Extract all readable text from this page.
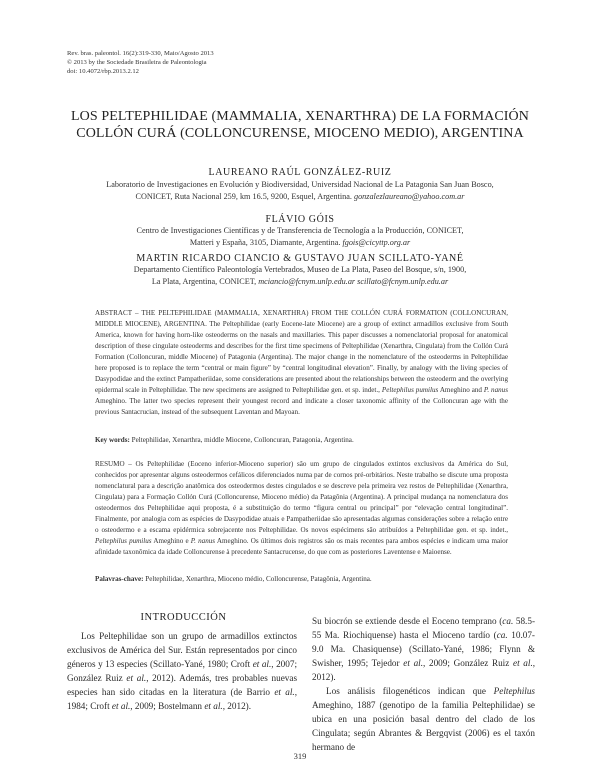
Rev. bras. paleontol. 16(2):319-330, Maio/Agosto 2013
© 2013 by the Sociedade Brasileira de Paleontologia
doi: 10.4072/rbp.2013.2.12
LOS PELTEPHILIDAE (MAMMALIA, XENARTHRA) DE LA FORMACIÓN
COLLÓN CURÁ (COLLONCURENSE, MIOCENO MEDIO), ARGENTINA
LAUREANO RAÚL GONZÁLEZ-RUIZ
Laboratorio de Investigaciones en Evolución y Biodiversidad, Universidad Nacional de La Patagonia San Juan Bosco,
CONICET, Ruta Nacional 259, km 16.5, 9200, Esquel, Argentina. gonzalezlaureano@yahoo.com.ar
FLÁVIO GÓIS
Centro de Investigaciones Científicas y de Transferencia de Tecnología a la Producción, CONICET,
Matteri y España, 3105, Diamante, Argentina. fgois@cicyttp.org.ar
MARTIN RICARDO CIANCIO & GUSTAVO JUAN SCILLATO-YANÉ
Departamento Científico Paleontología Vertebrados, Museo de La Plata, Paseo del Bosque, s/n, 1900,
La Plata, Argentina, CONICET, mciancio@fcnym.unlp.edu.ar scillato@fcnym.unlp.edu.ar

ABSTRACT – THE PELTEPHILIDAE (MAMMALIA, XENARTHRA) FROM THE COLLÓN CURÁ FORMATION (COLLONCURAN, MIDDLE MIOCENE), ARGENTINA. The Peltephilidae (early Eocene-late Miocene) are a group of extinct armadillos exclusive from South America, known for having horn-like osteoderms on the nasals and maxillaries. This paper discusses a nomenclatorial proposal for anatomical description of these cingulate osteoderms and describes for the first time specimens of Peltephilidae (Xenarthra, Cingulata) from the Collón Curá Formation (Colloncuran, middle Miocene) of Patagonia (Argentina). The major change in the nomenclature of the osteoderms in Peltephilidae here proposed is to replace the term “central or main figure” by “central longitudinal elevation”. Finally, by analogy with the living species of Dasypodidae and the extinct Pampatheriidae, some considerations are presented about the relationships between the osteoderm and the overlying epidermal scale in Peltephilidae. The new specimens are assigned to Peltephilidae gen. et sp. indet., Peltephilus pumilus Ameghino and P. nanus Ameghino. The latter two species represent their youngest record and indicate a closer taxonomic affinity of the Colloncuran age with the previous Santacrucian, instead of the subsequent Laventan and Mayoan.

Key words: Peltephilidae, Xenarthra, middle Miocene, Colloncuran, Patagonia, Argentina.

RESUMO – Os Peltephilidae (Eoceno inferior-Mioceno superior) são um grupo de cingulados extintos exclusivos da América do Sul, conhecidos por apresentar alguns osteodermos cefálicos diferenciados numa par de cornos pré-orbitários. Neste trabalho se discute uma proposta nomenclatural para a descrição anatômica dos osteodermos destes cingulados e se descreve pela primeira vez restos de Peltephilidae (Xenarthra, Cingulata) para a Formação Collón Curá (Colloncurense, Mioceno médio) da Patagônia (Argentina). A principal mudança na nomenclatura dos osteodermos dos Peltephilidae aqui proposta, é a substituição do termo “figura central ou principal” por “elevação central longitudinal”. Finalmente, por analogia com as espécies de Dasypodidae atuais e Pampatheriidae são apresentadas algumas considerações sobre a relação entre o osteodermo e a escama epidérmica sobrejacente nos Peltephilidae. Os novos espécimens são atribuídos a Peltephilidae gen. et sp. indet., Peltephilus pumilus Ameghino e P. nanus Ameghino. Os últimos dois registros são os mais recentes para ambos espécies e indicam uma maior afinidade taxonômica da idade Colloncurense à precedente Santacrucense, do que com as posteriores Laventense e Maioense.

Palavras-chave: Peltephilidae, Xenarthra, Mioceno médio, Colloncurense, Patagônia, Argentina.

INTRODUCCIÓN

Los Peltephilidae son un grupo de armadillos extinctos exclusivos de América del Sur. Están representados por cinco géneros y 13 especies (Scillato-Yané, 1980; Croft et al., 2007; González Ruiz et al., 2012). Además, tres probables nuevas especies han sido citadas en la literatura (de Barrio et al., 1984; Croft et al., 2009; Bostelmann et al., 2012).

Su biocrón se extiende desde el Eoceno temprano (ca. 58.5-55 Ma. Riochiquense) hasta el Mioceno tardío (ca. 10.07-9.0 Ma. Chasiquense) (Scillato-Yané, 1986; Flynn & Swisher, 1995; Tejedor et al., 2009; González Ruiz et al., 2012).

Los análisis filogenéticos indican que Peltephilus Ameghino, 1887 (genotipo de la familia Peltephilidae) se ubica en una posición basal dentro del clado de los Cingulata; según Abrantes & Bergqvist (2006) es el taxón hermano de

319
